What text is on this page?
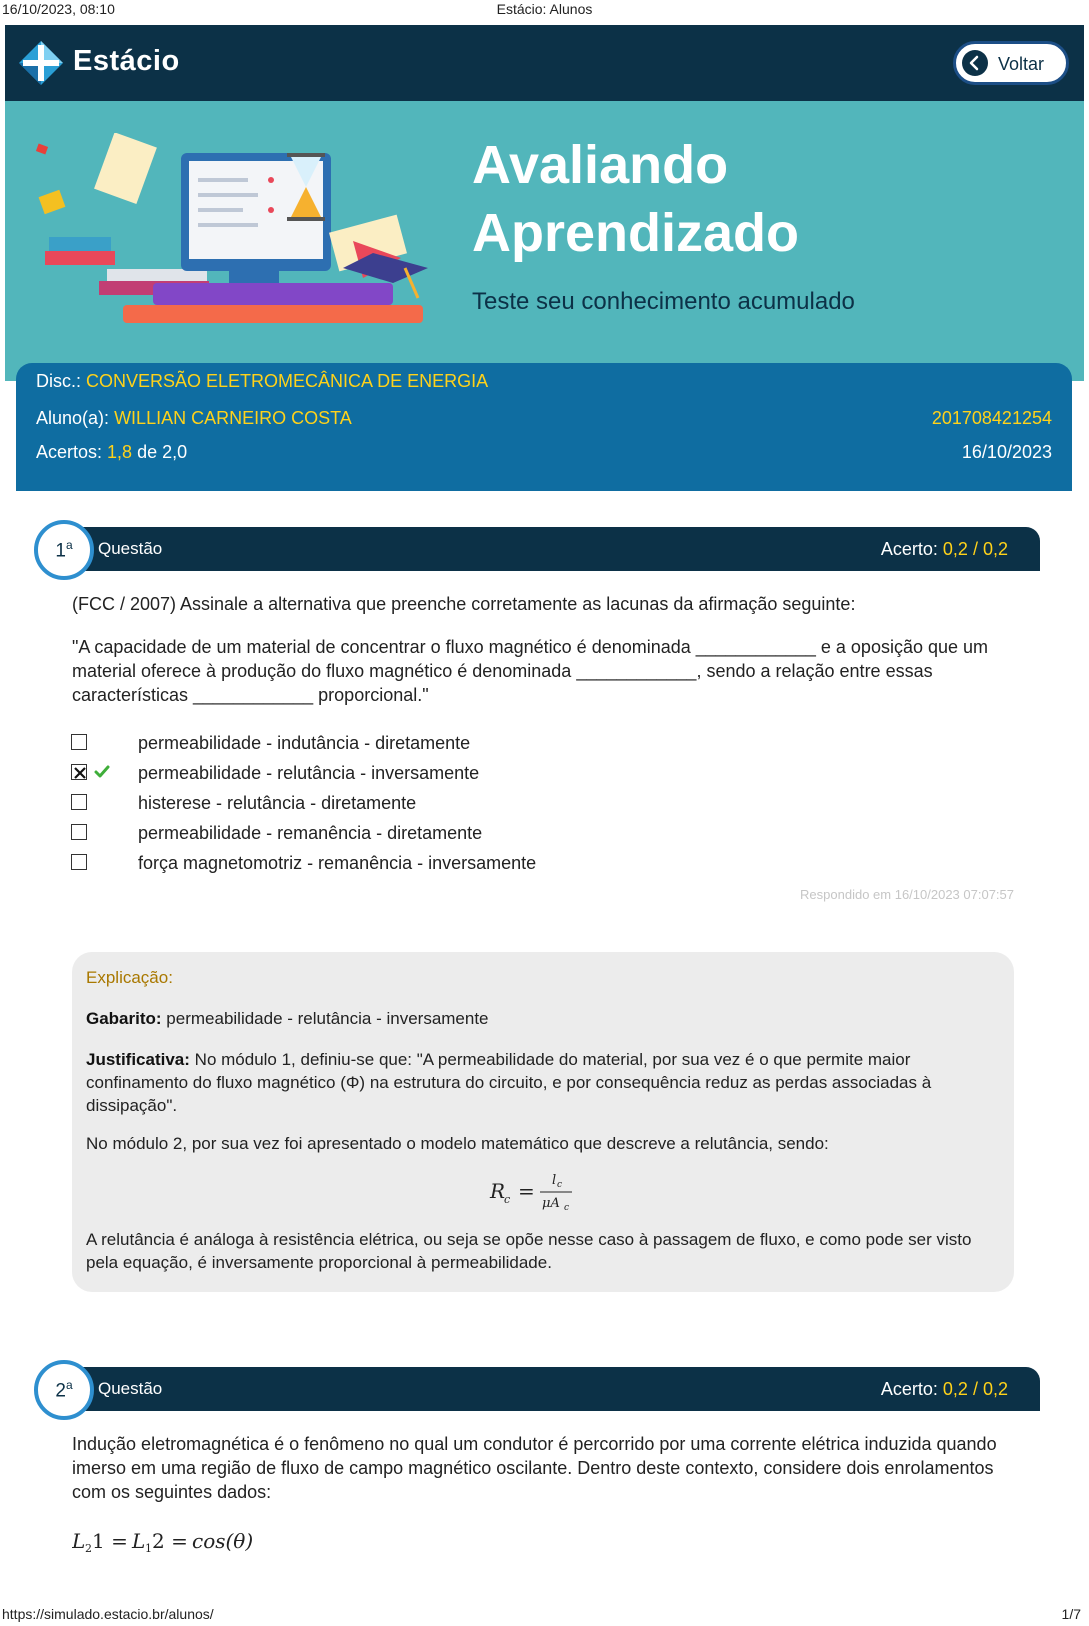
16/10/2023, 08:10	Estácio: Alunos
Estácio	Voltar
Avaliando
Aprendizado
Teste seu conhecimento acumulado
Disc.: CONVERSÃO ELETROMECÂNICA DE ENERGIA
Aluno(a): WILLIAN CARNEIRO COSTA	201708421254
Acertos: 1,8 de 2,0	16/10/2023
Questão	Acerto: 0,2 / 0,2
1$^a$
(FCC / 2007) Assinale a alternativa que preenche corretamente as lacunas da afirmação seguinte:
"A capacidade de um material de concentrar o fluxo magnético é denominada ____________ e a oposição que um material oferece à produção do fluxo magnético é denominada ____________, sendo a relação entre essas características ____________ proporcional."
permeabilidade - indutância - diretamente
permeabilidade - relutância - inversamente
histerese - relutância - diretamente
permeabilidade - remanência - diretamente
força magnetomotriz - remanência - inversamente
Respondido em 16/10/2023 07:07:57
Explicação:

Gabarito: permeabilidade - relutância - inversamente

Justificativa: No módulo 1, definiu-se que: "A permeabilidade do material, por sua vez é o que permite maior confinamento do fluxo magnético (Φ) na estrutura do circuito, e por consequência reduz as perdas associadas à dissipação".

No módulo 2, por sua vez foi apresentado o modelo matemático que descreve a relutância, sendo:

R
c = l c
μA c

A relutância é análoga à resistência elétrica, ou seja se opõe nesse caso à passagem de fluxo, e como pode ser visto pela equação, é inversamente proporcional à permeabilidade.

Questão	Acerto: 0,2 / 0,2
2$^a$
Indução eletromagnética é o fenômeno no qual um condutor é percorrido por uma corrente elétrica induzida quando imerso em uma região de fluxo de campo magnético oscilante. Dentro deste contexto, considere dois enrolamentos com os seguintes dados:
L 2 1 = L 1 2 = cos(θ)
https://simulado.estacio.br/alunos/	1/7
